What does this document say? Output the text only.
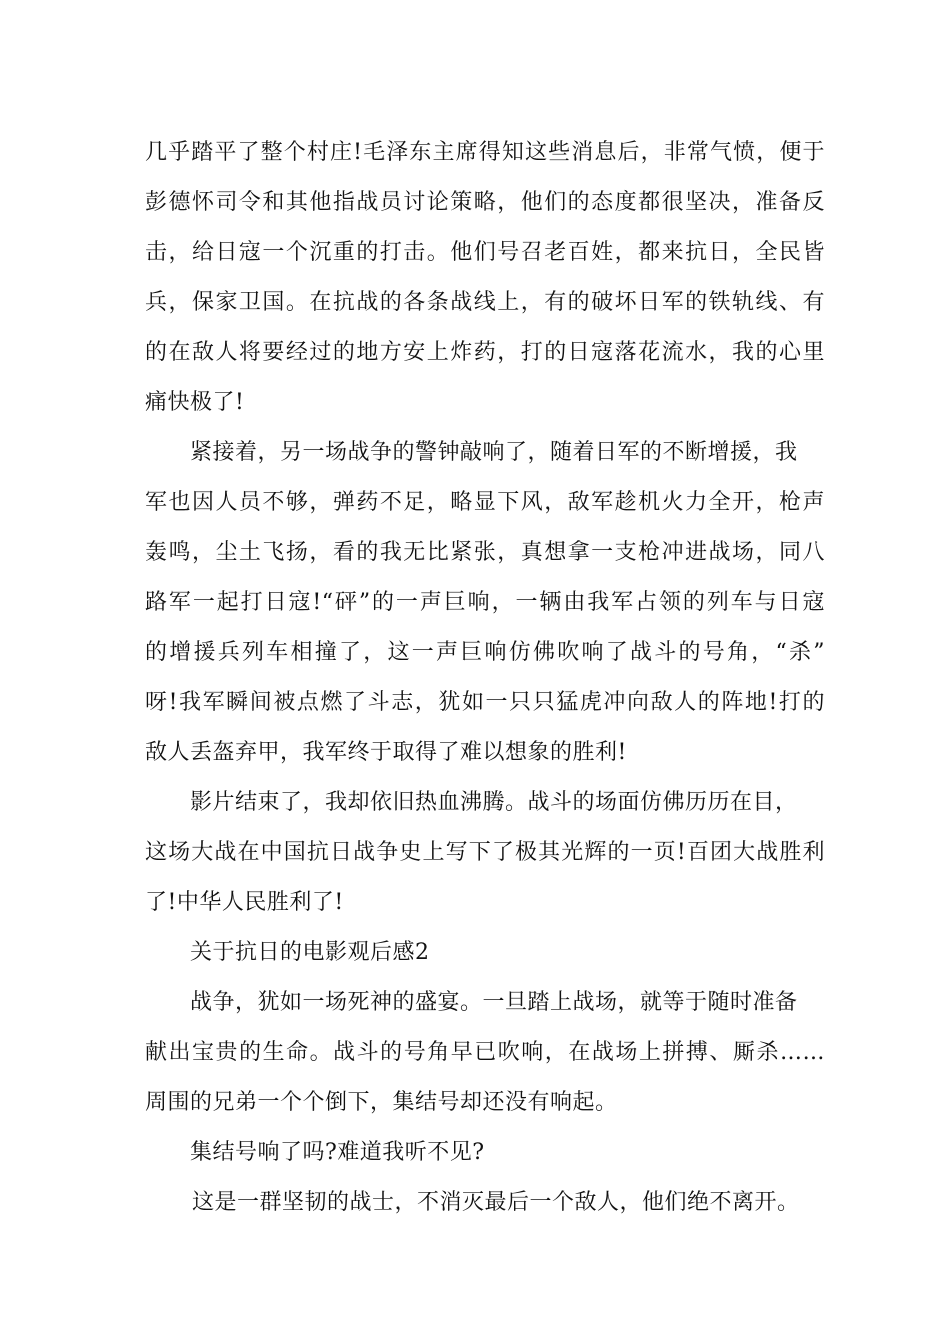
几乎踏平了整个村庄!毛泽东主席得知这些消息后，非常气愤，便于
彭德怀司令和其他指战员讨论策略，他们的态度都很坚决，准备反
击，给日寇一个沉重的打击。他们号召老百姓，都来抗日，全民皆
兵，保家卫国。在抗战的各条战线上，有的破坏日军的铁轨线、有
的在敌人将要经过的地方安上炸药，打的日寇落花流水，我的心里
痛快极了!
紧接着，另一场战争的警钟敲响了，随着日军的不断增援，我
军也因人员不够，弹药不足，略显下风，敌军趁机火力全开，枪声
轰鸣，尘土飞扬，看的我无比紧张，真想拿一支枪冲进战场，同八
路军一起打日寇!“砰”的一声巨响，一辆由我军占领的列车与日寇
的增援兵列车相撞了，这一声巨响仿佛吹响了战斗的号角，“杀”
呀!我军瞬间被点燃了斗志，犹如一只只猛虎冲向敌人的阵地!打的
敌人丢盔弃甲，我军终于取得了难以想象的胜利!
影片结束了，我却依旧热血沸腾。战斗的场面仿佛历历在目，
这场大战在中国抗日战争史上写下了极其光辉的一页!百团大战胜利
了!中华人民胜利了!
关于抗日的电影观后感2
战争，犹如一场死神的盛宴。一旦踏上战场，就等于随时准备
献出宝贵的生命。战斗的号角早已吹响，在战场上拼搏、厮杀……
周围的兄弟一个个倒下，集结号却还没有响起。
集结号响了吗?难道我听不见?
这是一群坚韧的战士，不消灭最后一个敌人，他们绝不离开。
